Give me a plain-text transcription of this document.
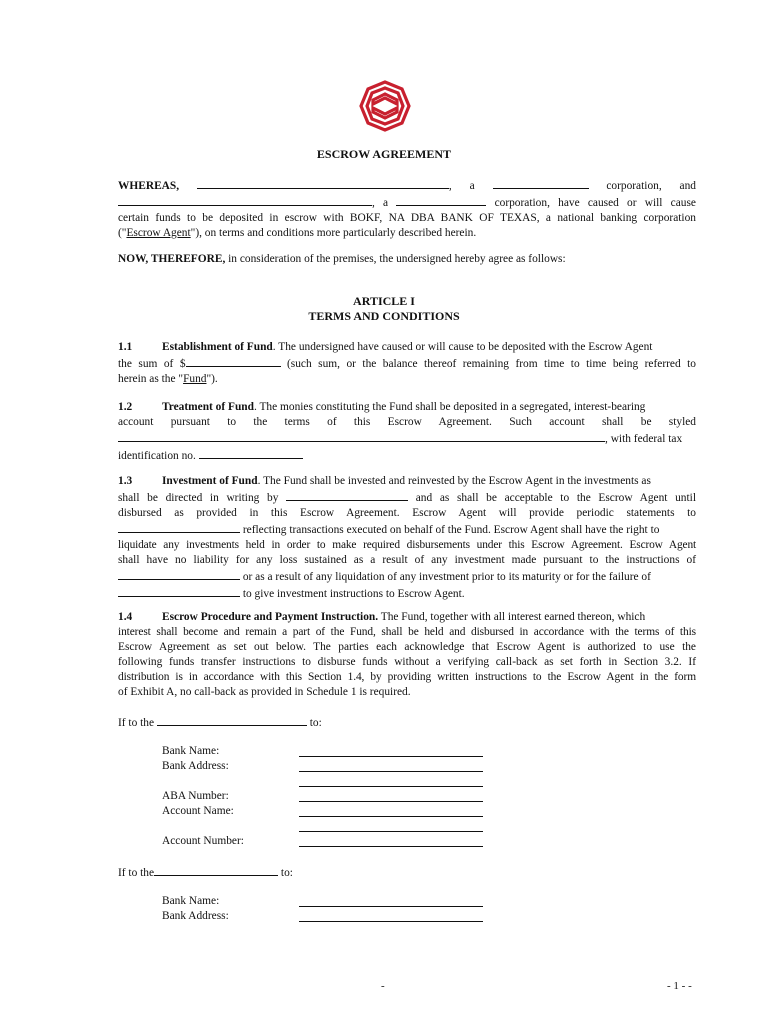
ESCROW AGREEMENT
WHEREAS,	, a	corporation, and
, a	corporation, have caused or will cause
certain funds to be deposited in escrow with BOKF, NA DBA BANK OF TEXAS, a national banking corporation
("Escrow Agent"), on terms and conditions more particularly described herein.
NOW, THEREFORE, in consideration of the premises, the undersigned hereby agree as follows:
ARTICLE I
TERMS AND CONDITIONS
1.1	Establishment of Fund. The undersigned have caused or will cause to be deposited with the Escrow Agent
the sum of $	(such sum, or the balance thereof remaining from time to time being referred to
herein as the "Fund").
1.2	Treatment of Fund. The monies constituting the Fund shall be deposited in a segregated, interest-bearing
account pursuant to the terms of this Escrow Agreement. Such account shall be styled
, with federal tax
identification no.
1.3	Investment of Fund. The Fund shall be invested and reinvested by the Escrow Agent in the investments as
shall be directed in writing by	and as shall be acceptable to the Escrow Agent until
disbursed as provided in this Escrow Agreement. Escrow Agent will provide periodic statements to
reflecting transactions executed on behalf of the Fund. Escrow Agent shall have the right to
liquidate any investments held in order to make required disbursements under this Escrow Agreement. Escrow Agent
shall have no liability for any loss sustained as a result of any investment made pursuant to the instructions of
or as a result of any liquidation of any investment prior to its maturity or for the failure of
to give investment instructions to Escrow Agent.
1.4	Escrow Procedure and Payment Instruction. The Fund, together with all interest earned thereon, which
interest shall become and remain a part of the Fund, shall be held and disbursed in accordance with the terms of this
Escrow Agreement as set out below. The parties each acknowledge that Escrow Agent is authorized to use the
following funds transfer instructions to disburse funds without a verifying call-back as set forth in Section 3.2. If
distribution is in accordance with this Section 1.4, by providing written instructions to the Escrow Agent in the form
of Exhibit A, no call-back as provided in Schedule 1 is required.
If to the	to:
Bank Name:
Bank Address:
ABA Number:
Account Name:
Account Number:
If to the	to:
Bank Name:
Bank Address:
-	- 1 - -
